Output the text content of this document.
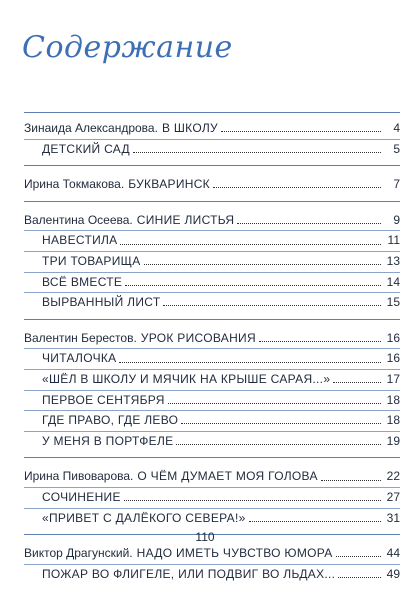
Содержание
Зинаида Александрова. В ШКОЛУ	4
ДЕТСКИЙ САД	5
Ирина Токмакова. БУКВАРИНСК	7
Валентина Осеева. СИНИЕ ЛИСТЬЯ	9
НАВЕСТИЛА	11
ТРИ ТОВАРИЩА	13
ВСЁ ВМЕСТЕ	14
ВЫРВАННЫЙ ЛИСТ	15
Валентин Берестов. УРОК РИСОВАНИЯ	16
ЧИТАЛОЧКА	16
«ШЁЛ В ШКОЛУ И МЯЧИК НА КРЫШЕ САРАЯ...»	17
ПЕРВОЕ СЕНТЯБРЯ	18
ГДЕ ПРАВО, ГДЕ ЛЕВО	18
У МЕНЯ В ПОРТФЕЛЕ	19
Ирина Пивоварова. О ЧЁМ ДУМАЕТ МОЯ ГОЛОВА	22
СОЧИНЕНИЕ	27
«ПРИВЕТ С ДАЛЁКОГО СЕВЕРА!»	31
Виктор Драгунский. НАДО ИМЕТЬ ЧУВСТВО ЮМОРА	44
ПОЖАР ВО ФЛИГЕЛЕ, ИЛИ ПОДВИГ ВО ЛЬДАХ...	49
110
